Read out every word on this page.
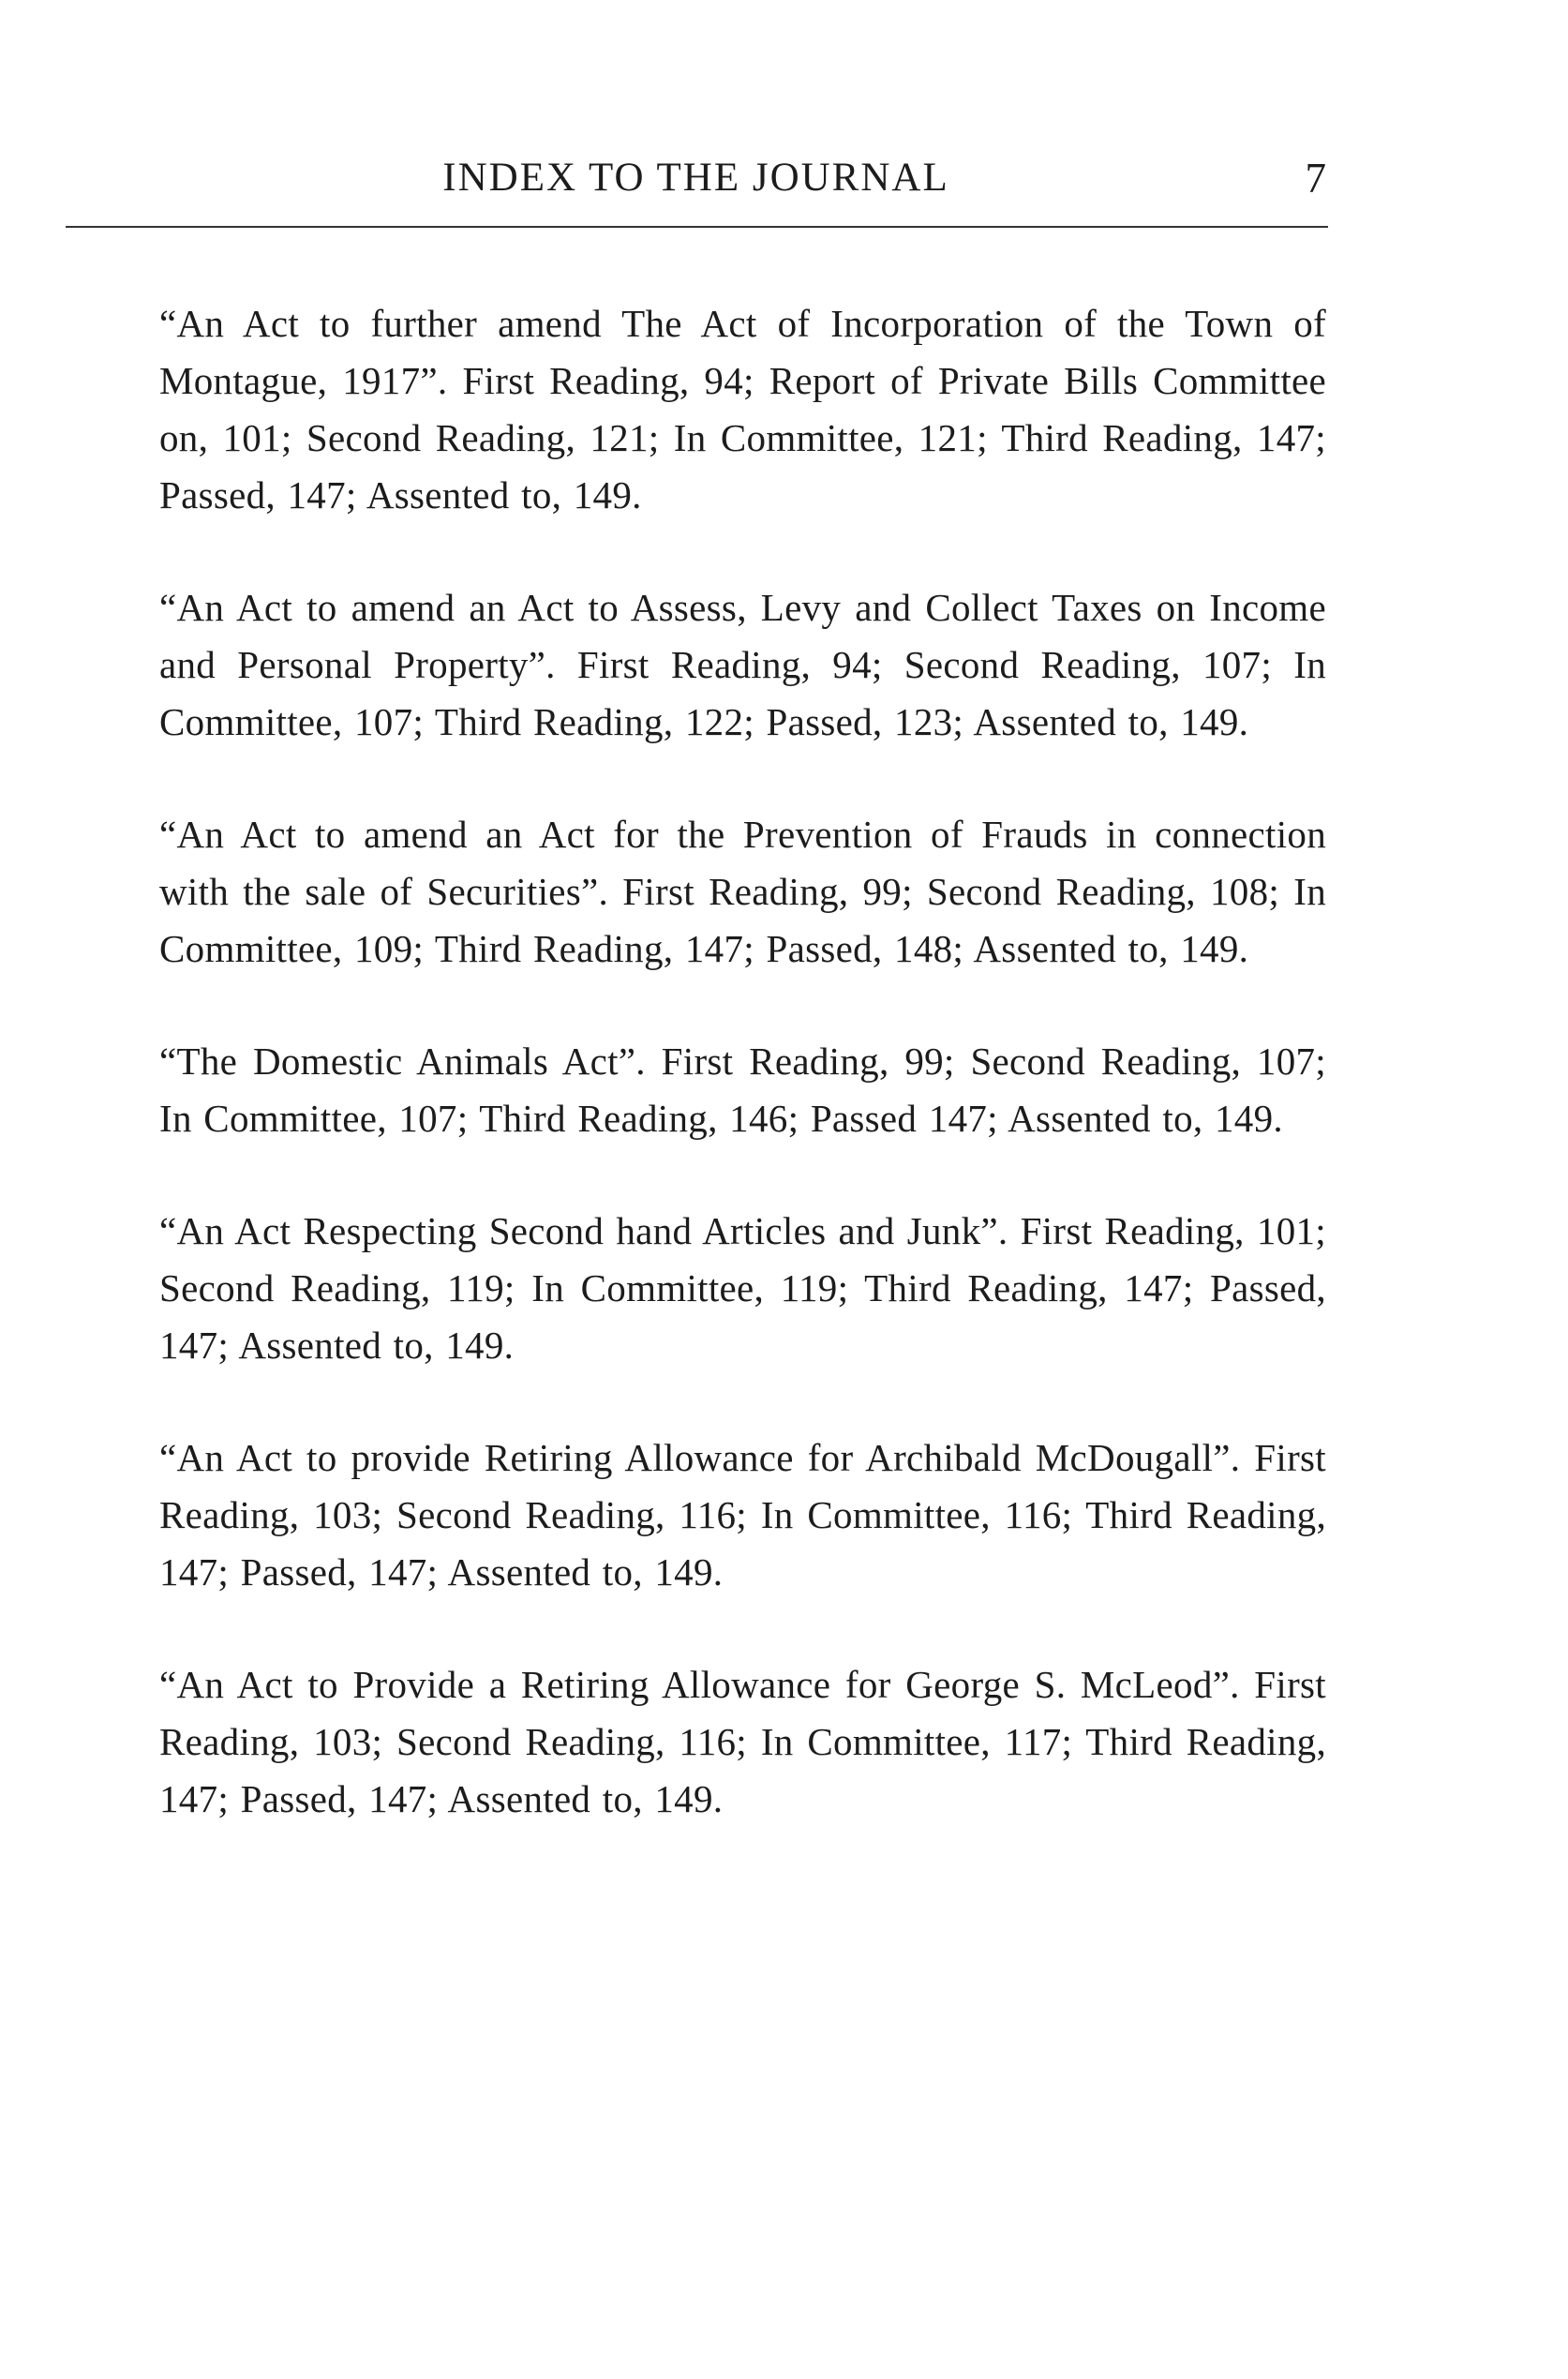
INDEX TO THE JOURNAL	7

“An Act to further amend The Act of Incorporation of the Town of Montague, 1917”. First Reading, 94; Report of Private Bills Committee on, 101; Second Reading, 121; In Committee, 121; Third Reading, 147; Passed, 147; Assented to, 149.

“An Act to amend an Act to Assess, Levy and Collect Taxes on Income and Personal Property”. First Reading, 94; Second Reading, 107; In Committee, 107; Third Reading, 122; Passed, 123; Assented to, 149.

“An Act to amend an Act for the Prevention of Frauds in connection with the sale of Securities”. First Reading, 99; Second Reading, 108; In Committee, 109; Third Reading, 147; Passed, 148; Assented to, 149.

“The Domestic Animals Act”. First Reading, 99; Second Reading, 107; In Committee, 107; Third Reading, 146; Passed 147; Assented to, 149.

“An Act Respecting Second hand Articles and Junk”. First Reading, 101; Second Reading, 119; In Committee, 119; Third Reading, 147; Passed, 147; Assented to, 149.

“An Act to provide Retiring Allowance for Archibald McDougall”. First Reading, 103; Second Reading, 116; In Committee, 116; Third Reading, 147; Passed, 147; Assented to, 149.

“An Act to Provide a Retiring Allowance for George S. McLeod”. First Reading, 103; Second Reading, 116; In Committee, 117; Third Reading, 147; Passed, 147; Assented to, 149.
